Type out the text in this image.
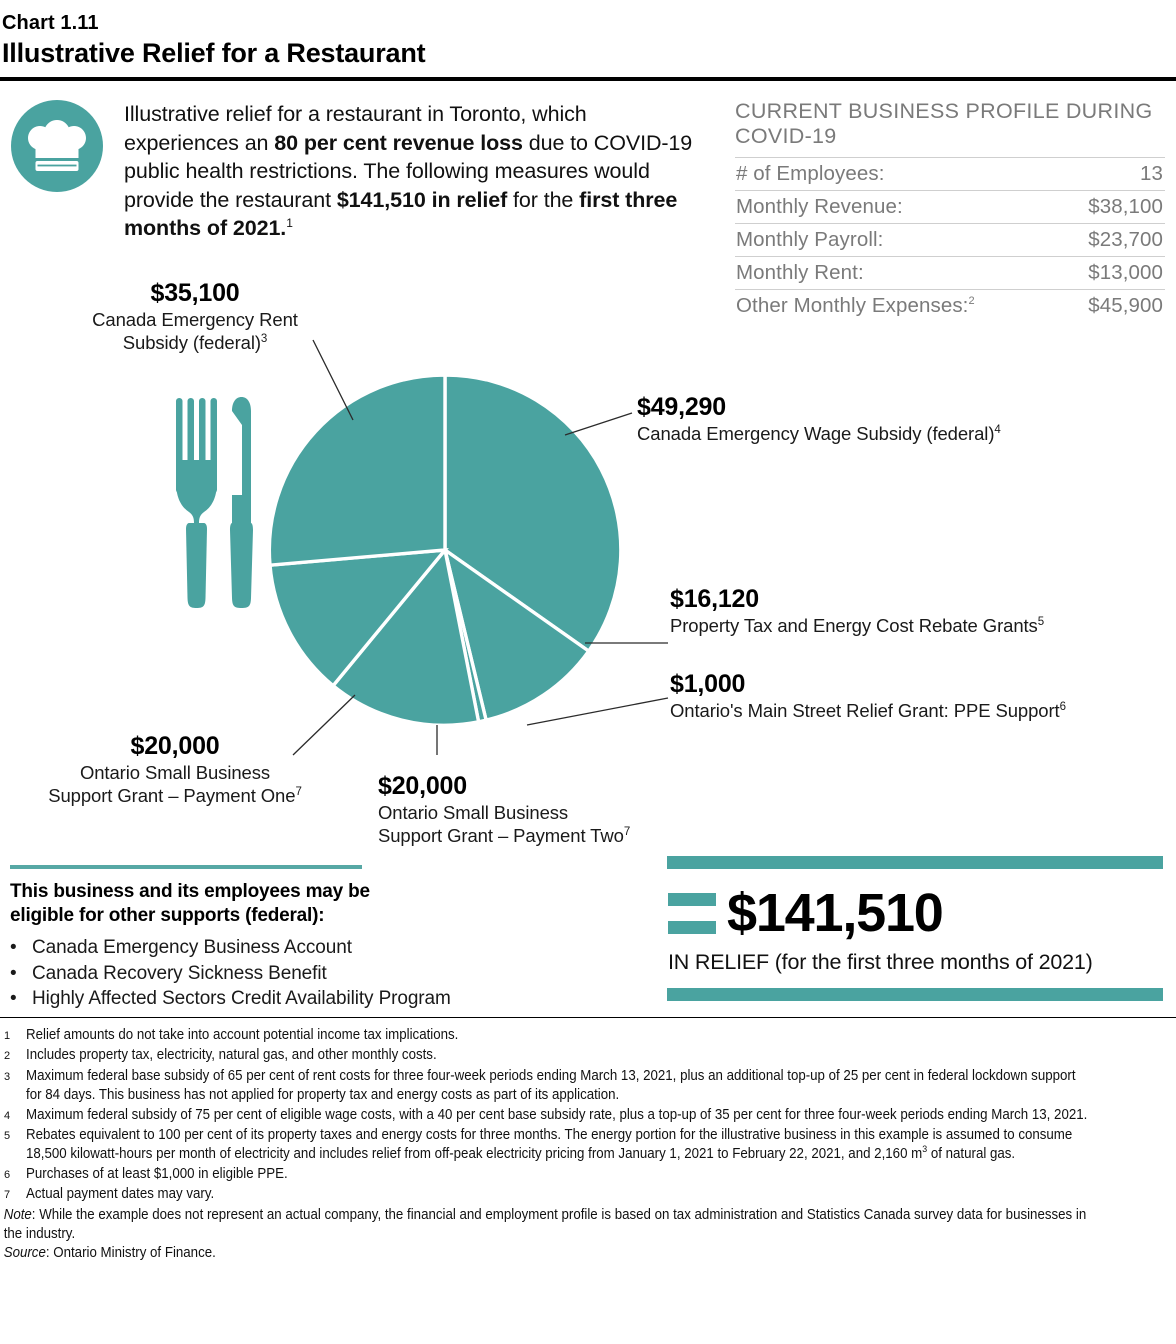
Chart 1.11
Illustrative Relief for a Restaurant
Illustrative relief for a restaurant in Toronto, which experiences an 80 per cent revenue loss due to COVID-19 public health restrictions. The following measures would provide the restaurant $141,510 in relief for the first three months of 2021.$^1$
CURRENT BUSINESS PROFILE DURING COVID-19
# of Employees:	13
Monthly Revenue:	$38,100
Monthly Payroll:	$23,700
Monthly Rent:	$13,000
Other Monthly Expenses:$^2$	$45,900
$35,100
Canada Emergency Rent
Subsidy (federal)$^3$
$49,290
Canada Emergency Wage Subsidy (federal)$^4$
$16,120
Property Tax and Energy Cost Rebate Grants$^5$
$1,000
Ontario's Main Street Relief Grant: PPE Support$^6$
$20,000
Ontario Small Business
Support Grant – Payment One$^7$	$20,000
Ontario Small Business
Support Grant – Payment Two$^7$
This business and its employees may be eligible for other supports (federal):
• Canada Emergency Business Account
• Canada Recovery Sickness Benefit
• Highly Affected Sectors Credit Availability Program
$141,510
IN RELIEF (for the first three months of 2021)
1	Relief amounts do not take into account potential income tax implications.
2	Includes property tax, electricity, natural gas, and other monthly costs.
3	Maximum federal base subsidy of 65 per cent of rent costs for three four-week periods ending March 13, 2021, plus an additional top-up of 25 per cent in federal lockdown support for 84 days. This business has not applied for property tax and energy costs as part of its application.
4	Maximum federal subsidy of 75 per cent of eligible wage costs, with a 40 per cent base subsidy rate, plus a top-up of 35 per cent for three four-week periods ending March 13, 2021.
5	Rebates equivalent to 100 per cent of its property taxes and energy costs for three months. The energy portion for the illustrative business in this example is assumed to consume 18,500 kilowatt-hours per month of electricity and includes relief from off-peak electricity pricing from January 1, 2021 to February 22, 2021, and 2,160 $m^3$ of natural gas.
6	Purchases of at least $1,000 in eligible PPE.
7	Actual payment dates may vary.
Note: While the example does not represent an actual company, the financial and employment profile is based on tax administration and Statistics Canada survey data for businesses in the industry.
Source: Ontario Ministry of Finance.
